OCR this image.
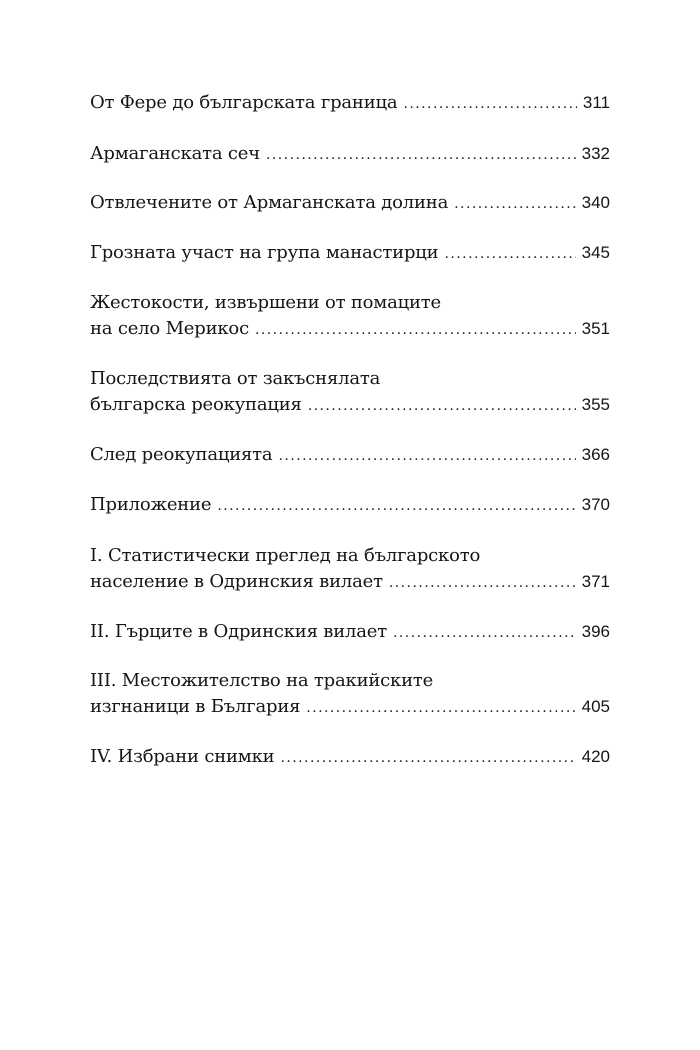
От Фере до българската граница . . .	311
Армаганската сеч . . .	332
Отвлечените от Армаганската долина . . .	340
Грозната участ на група манастирци . . .	345
Жестокости, извършени от помаците
на село Мерикос . . .	351
Последствията от закъснялата
българска реокупация . . .	355
След реокупацията . . .	366
Приложение . . .	370
I. Статистически преглед на българското
население в Одринския вилает . . .	371
II. Гърците в Одринския вилает . . .	396
III. Местожителство на тракийските
изгнаници в България . . .	405
IV. Избрани снимки . . .	420
